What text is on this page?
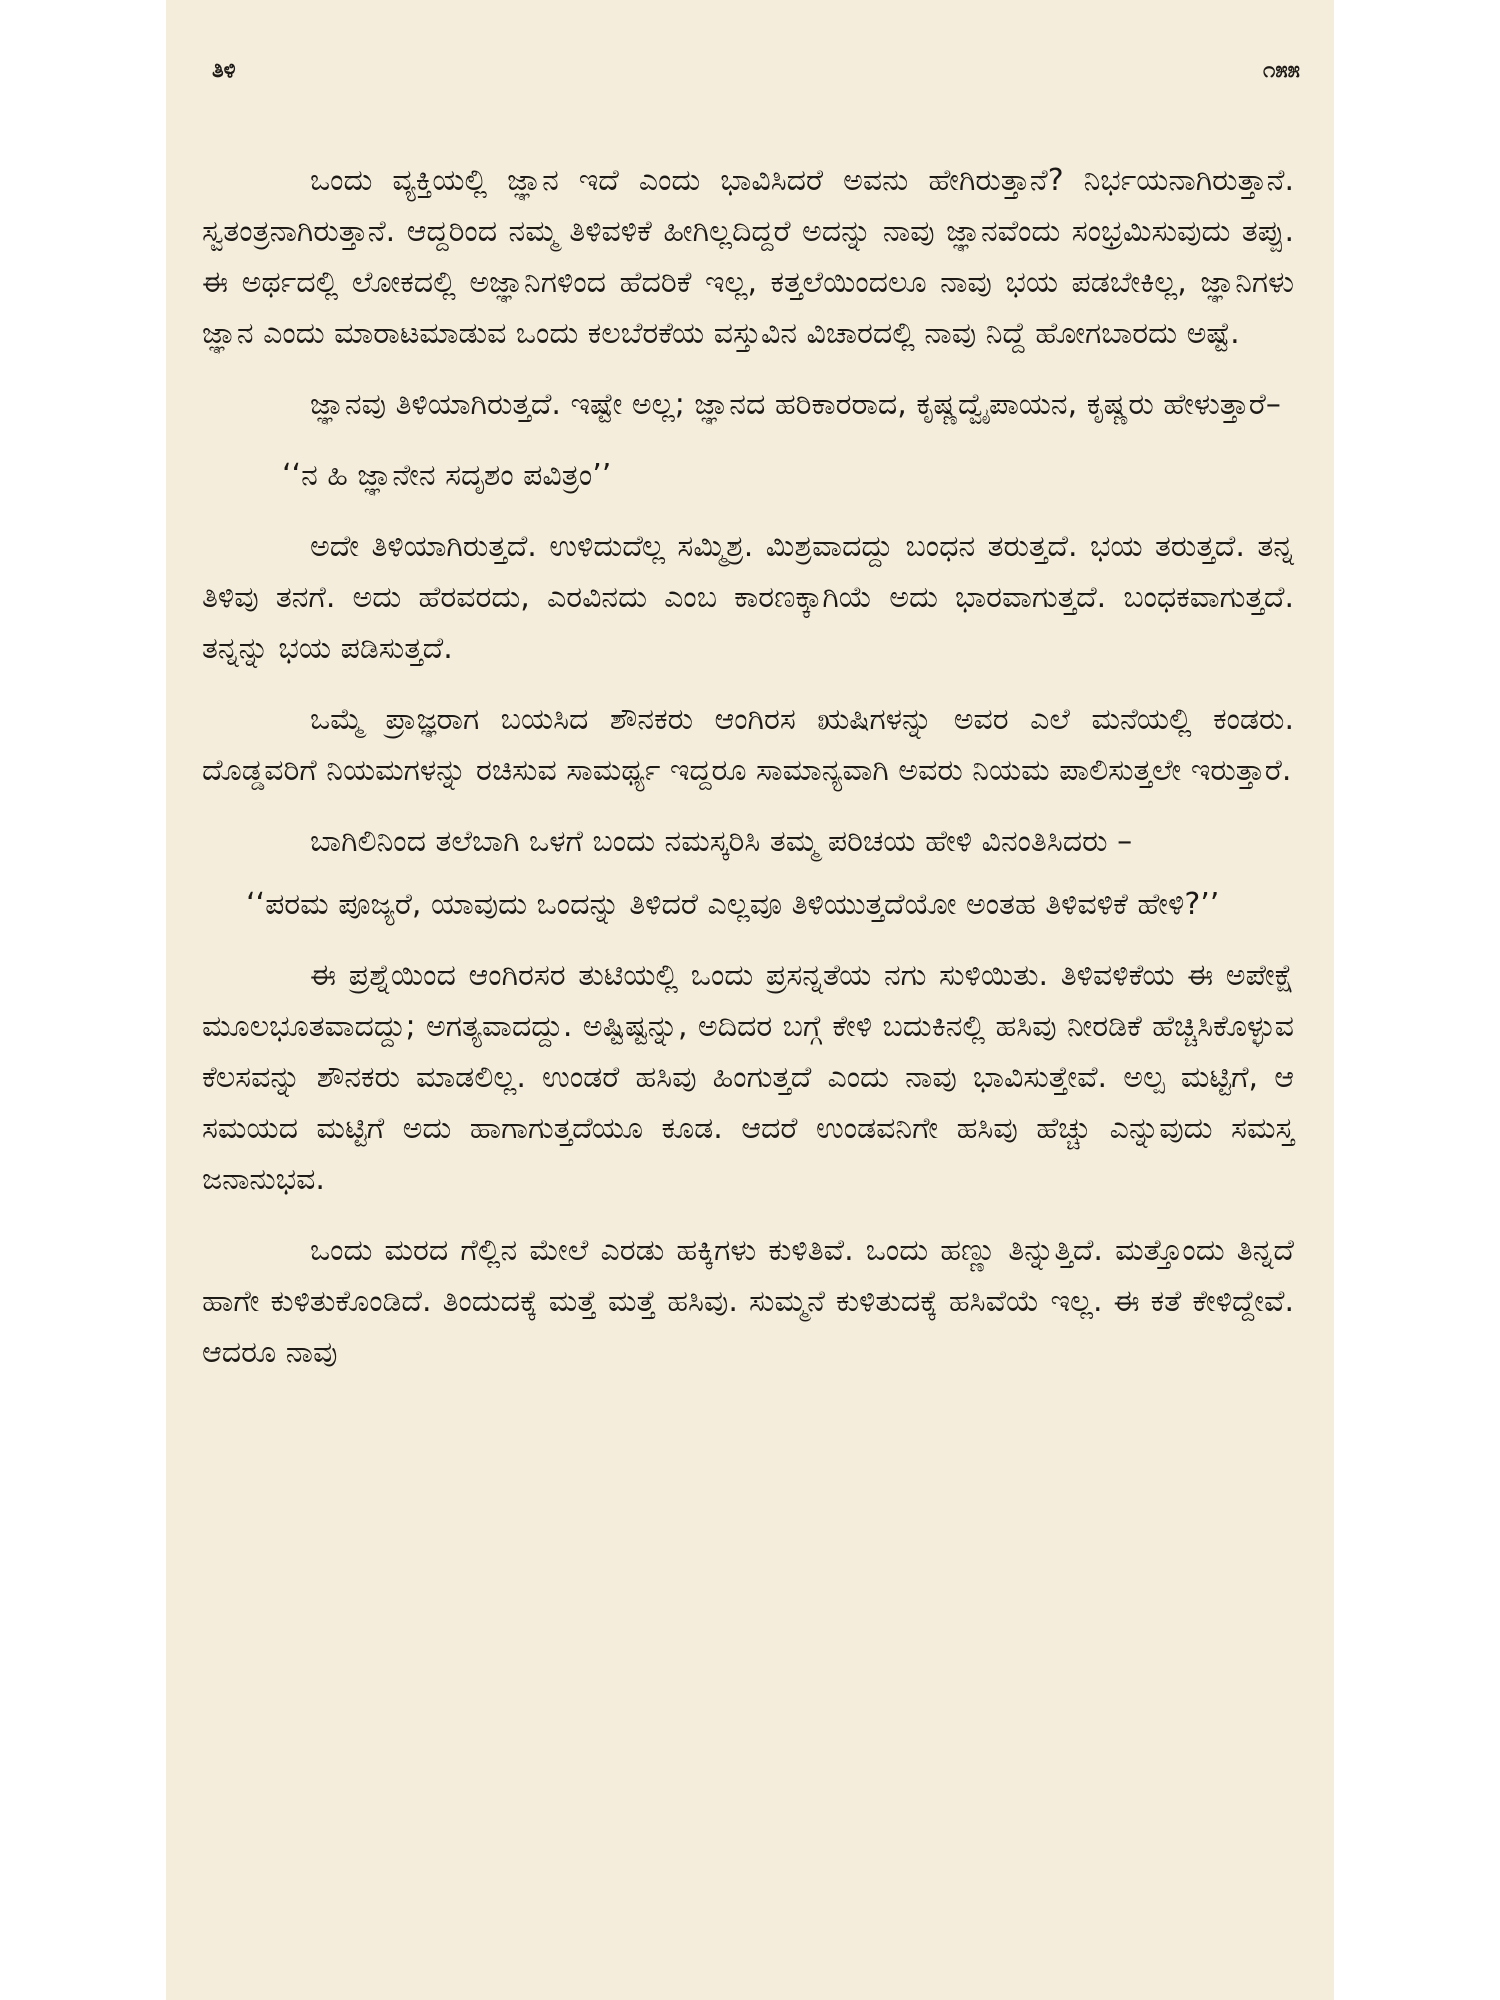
ತಿಳಿ	೧೫೫

ಒಂದು ವ್ಯಕ್ತಿಯಲ್ಲಿ ಜ್ಞಾನ ಇದೆ ಎಂದು ಭಾವಿಸಿದರೆ ಅವನು ಹೇಗಿರುತ್ತಾನೆ? ನಿರ್ಭಯನಾಗಿರುತ್ತಾನೆ. ಸ್ವತಂತ್ರನಾಗಿರುತ್ತಾನೆ. ಆದ್ದರಿಂದ ನಮ್ಮ ತಿಳಿವಳಿಕೆ ಹೀಗಿಲ್ಲದಿದ್ದರೆ ಅದನ್ನು ನಾವು ಜ್ಞಾನವೆಂದು ಸಂಭ್ರಮಿಸುವುದು ತಪ್ಪು. ಈ ಅರ್ಥದಲ್ಲಿ ಲೋಕದಲ್ಲಿ ಅಜ್ಞಾನಿಗಳಿಂದ ಹೆದರಿಕೆ ಇಲ್ಲ, ಕತ್ತಲೆಯಿಂದಲೂ ನಾವು ಭಯ ಪಡಬೇಕಿಲ್ಲ, ಜ್ಞಾನಿಗಳು ಜ್ಞಾನ ಎಂದು ಮಾರಾಟಮಾಡುವ ಒಂದು ಕಲಬೆರಕೆಯ ವಸ್ತುವಿನ ವಿಚಾರದಲ್ಲಿ ನಾವು ನಿದ್ದೆ ಹೋಗಬಾರದು ಅಷ್ಟೆ.

ಜ್ಞಾನವು ತಿಳಿಯಾಗಿರುತ್ತದೆ. ಇಷ್ಟೇ ಅಲ್ಲ; ಜ್ಞಾನದ ಹರಿಕಾರರಾದ, ಕೃಷ್ಣದ್ವೈಪಾಯನ, ಕೃಷ್ಣರು ಹೇಳುತ್ತಾರೆ–

‘‘ನ ಹಿ ಜ್ಞಾನೇನ ಸದೃಶಂ ಪವಿತ್ರಂ’’

ಅದೇ ತಿಳಿಯಾಗಿರುತ್ತದೆ. ಉಳಿದುದೆಲ್ಲ ಸಮ್ಮಿಶ್ರ. ಮಿಶ್ರವಾದದ್ದು ಬಂಧನ ತರುತ್ತದೆ. ಭಯ ತರುತ್ತದೆ. ತನ್ನ ತಿಳಿವು ತನಗೆ. ಅದು ಹೆರವರದು, ಎರವಿನದು ಎಂಬ ಕಾರಣಕ್ಕಾಗಿಯೆ ಅದು ಭಾರವಾಗುತ್ತದೆ. ಬಂಧಕವಾಗುತ್ತದೆ. ತನ್ನನ್ನು ಭಯ ಪಡಿಸುತ್ತದೆ.

ಒಮ್ಮೆ ಪ್ರಾಜ್ಞರಾಗ ಬಯಸಿದ ಶೌನಕರು ಆಂಗಿರಸ ಋಷಿಗಳನ್ನು ಅವರ ಎಲೆ ಮನೆಯಲ್ಲಿ ಕಂಡರು. ದೊಡ್ಡವರಿಗೆ ನಿಯಮಗಳನ್ನು ರಚಿಸುವ ಸಾಮರ್ಥ್ಯ ಇದ್ದರೂ ಸಾಮಾನ್ಯವಾಗಿ ಅವರು ನಿಯಮ ಪಾಲಿಸುತ್ತಲೇ ಇರುತ್ತಾರೆ.

ಬಾಗಿಲಿನಿಂದ ತಲೆಬಾಗಿ ಒಳಗೆ ಬಂದು ನಮಸ್ಕರಿಸಿ ತಮ್ಮ ಪರಿಚಯ ಹೇಳಿ ವಿನಂತಿಸಿದರು –

‘‘ಪರಮ ಪೂಜ್ಯರೆ, ಯಾವುದು ಒಂದನ್ನು ತಿಳಿದರೆ ಎಲ್ಲವೂ ತಿಳಿಯುತ್ತದೆಯೋ ಅಂತಹ ತಿಳಿವಳಿಕೆ ಹೇಳಿ?’’

ಈ ಪ್ರಶ್ನೆಯಿಂದ ಆಂಗಿರಸರ ತುಟಿಯಲ್ಲಿ ಒಂದು ಪ್ರಸನ್ನತೆಯ ನಗು ಸುಳಿಯಿತು. ತಿಳಿವಳಿಕೆಯ ಈ ಅಪೇಕ್ಷೆ ಮೂಲಭೂತವಾದದ್ದು; ಅಗತ್ಯವಾದದ್ದು. ಅಷ್ಟಿಷ್ಟನ್ನು, ಅದಿದರ ಬಗ್ಗೆ ಕೇಳಿ ಬದುಕಿನಲ್ಲಿ ಹಸಿವು ನೀರಡಿಕೆ ಹೆಚ್ಚಿಸಿಕೊಳ್ಳುವ ಕೆಲಸವನ್ನು ಶೌನಕರು ಮಾಡಲಿಲ್ಲ. ಉಂಡರೆ ಹಸಿವು ಹಿಂಗುತ್ತದೆ ಎಂದು ನಾವು ಭಾವಿಸುತ್ತೇವೆ. ಅಲ್ಪ ಮಟ್ಟಿಗೆ, ಆ ಸಮಯದ ಮಟ್ಟಿಗೆ ಅದು ಹಾಗಾಗುತ್ತದೆಯೂ ಕೂಡ. ಆದರೆ ಉಂಡವನಿಗೇ ಹಸಿವು ಹೆಚ್ಚು ಎನ್ನುವುದು ಸಮಸ್ತ ಜನಾನುಭವ.

ಒಂದು ಮರದ ಗೆಲ್ಲಿನ ಮೇಲೆ ಎರಡು ಹಕ್ಕಿಗಳು ಕುಳಿತಿವೆ. ಒಂದು ಹಣ್ಣು ತಿನ್ನುತ್ತಿದೆ. ಮತ್ತೊಂದು ತಿನ್ನದೆ ಹಾಗೇ ಕುಳಿತುಕೊಂಡಿದೆ. ತಿಂದುದಕ್ಕೆ ಮತ್ತೆ ಮತ್ತೆ ಹಸಿವು. ಸುಮ್ಮನೆ ಕುಳಿತುದಕ್ಕೆ ಹಸಿವೆಯೆ ಇಲ್ಲ. ಈ ಕತೆ ಕೇಳಿದ್ದೇವೆ. ಆದರೂ ನಾವು
